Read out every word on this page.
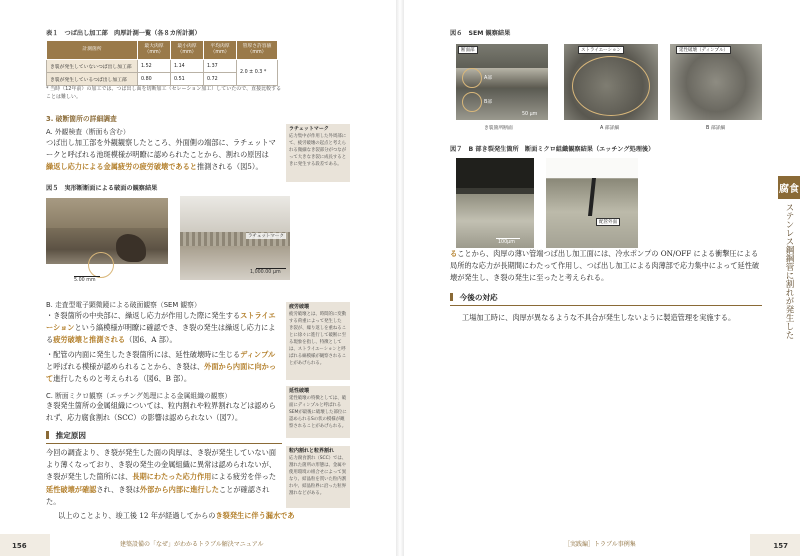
表１　つば出し加工部　肉厚計測一覧（各８カ所計測）
計測箇所	最大肉厚（mm）	最小肉厚（mm）	平均肉厚（mm）	管厚さ許容値（mm）
き裂が発生していないつば出し加工部	1.52	1.14	1.37	2.0 ± 0.3 *
き裂が発生しているつば出し加工部	0.80	0.51	0.72	
* 当時（12年前）の加工では、つば出し面を切断加工（セレーション加工）していたので、直接比較することは難しい。
3. 破断箇所の詳細調査
A. 外観検査（断面も含む）
つば出し加工部を外観観察したところ、外面側の端部に、ラチェットマークと呼ばれる池斑模様が明瞭に認められたことから、割れの原因は繰返し応力による金属疲労の疲労破壊であると推測される（図5）。
ラチェットマーク
応力集中が作用した外周部にて、疲労破壊の起点と考えられる微細なき裂部分がつながって大きなき裂に成長するときに発生する段差である。
図５　実形断断面による破面の観察結果
5.00 mm
ラチェットマーク
1,000.00 μm
B. 走査型電子顕微鏡による破面観察（SEM 観察）
・き裂箇所の中央部に、繰返し応力が作用した際に発生するストライエーションという縞模様が明瞭に確認でき、き裂の発生は繰返し応力による疲労破壊と推測される（図6、A 部）。
・配管の内面に発生したき裂箇所には、延性破壊時に生じるディンプルと呼ばれる模様が認められることから、き裂は、外面から内面に向かって進行したものと考えられる（図6、B 部）。
疲労破壊
疲労破壊とは、時間的に変動する荷重によって発生した き裂が、繰り返しを重ねることに徐々に進行して破断に至る現象を指し、特徴としては、ストライエーションと呼ばれる縞模様が観察されることがあげられる。
C. 断面ミクロ観察（エッチング処理による金属組織の観察）
き裂発生箇所の金属組織については、粒内割れや粒界割れなどは認められず、応力腐食割れ（SCC）の影響は認められない（図7）。
延性破壊
延性破壊の特徴としては、破面にディンプルと呼ばれるSEMが最後に破壊した部位に認められるSの状の模様が観察されることがあげられる。
推定原因
今回の調査より、き裂が発生した面の肉厚は、き裂が発生していない面より薄くなっており、き裂の発生の金属組織に異常は認められないが、き裂が発生した箇所には、長期にわたった応力作用による疲労を伴った延性破壊が確認され、き裂は外部から内部に進行したことが確認された。
以上のことより、竣工後 12 年が経過してからのき裂発生に伴う漏水であ
粒内割れと粒界割れ
応力腐食割れ（SCC）では、割れた箇所の形態は、金属や使用環境の組合せによって異なり、結晶粒を貫いた粒内割れや、結晶粒界に沿った粒界割れなどがある。
156	建築設備の「なぜ」がわかるトラブル解決マニュアル
図６　SEM 観察結果
断面部
A部
B部
50 μm
き裂箇所断面
ストライエーション
A 部詳細
延性破壊（ディンプル）
B 部詳細
図７　B 部き裂発生箇所　断面ミクロ組織観察結果（エッチング処理後）
100μm
配管外面
ることから、肉厚の薄い管端つば出し加工面には、冷水ポンプの ON/OFF による衝撃圧による局所的な応力が長期間にわたって作用し、つば出し加工による肉薄部で応力集中によって延性破壊が発生し、き裂の発生に至ったと考えられる。
今後の対応
工場加工時に、肉厚が異なるような不具合が発生しないように製造管理を実施する。
腐食
ステンレス鋼鋼管に割れが発生した
［実践編］トラブル事例集	157
